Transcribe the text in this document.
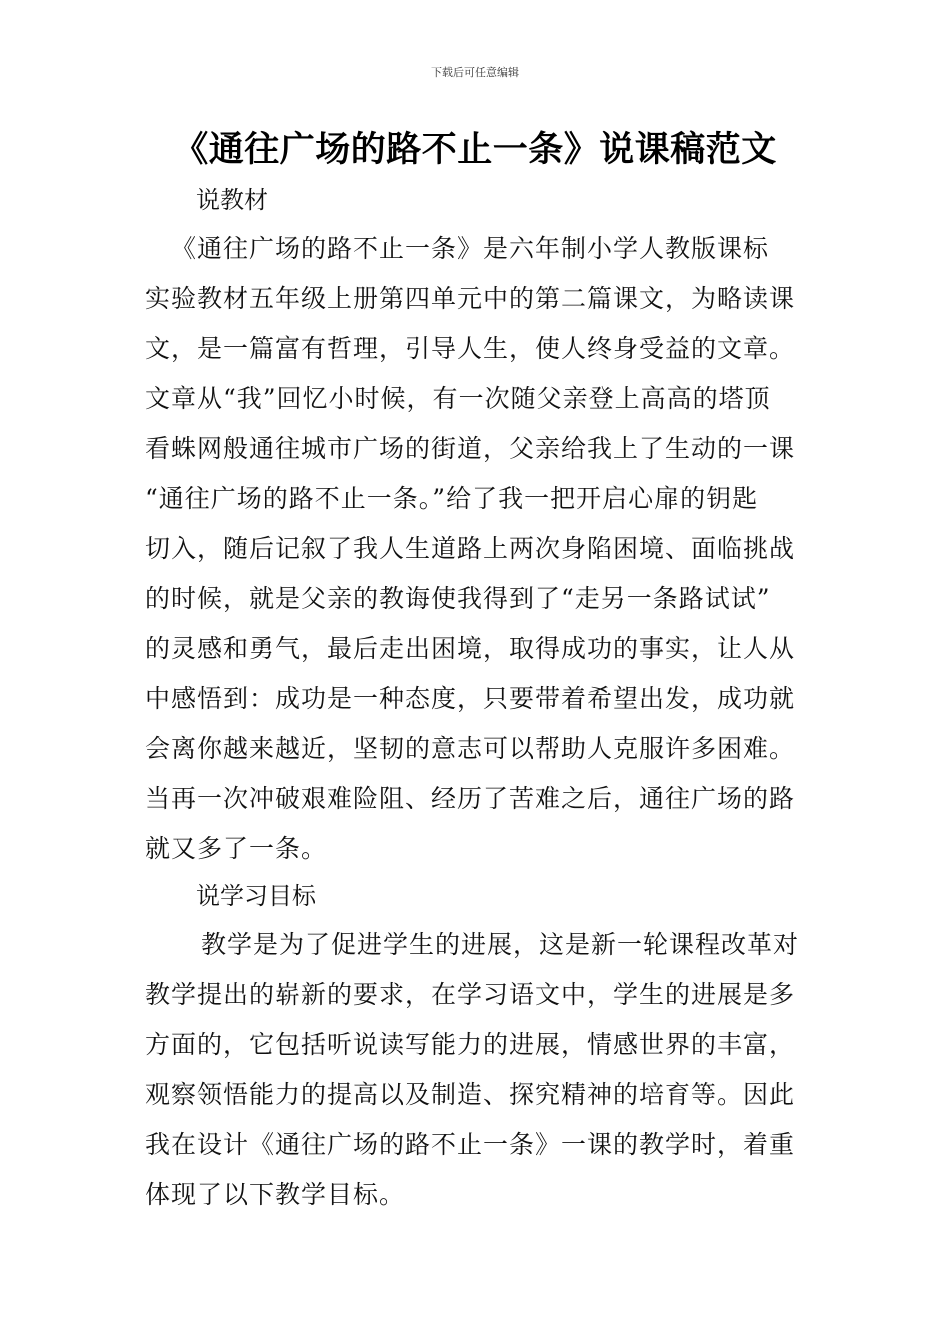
下载后可任意编辑
《通往广场的路不止一条》说课稿范文
说教材
《通往广场的路不止一条》是六年制小学人教版课标
实验教材五年级上册第四单元中的第二篇课文，为略读课
文，是一篇富有哲理，引导人生，使人终身受益的文章。
文章从“我”回忆小时候，有一次随父亲登上高高的塔顶
看蛛网般通往城市广场的街道，父亲给我上了生动的一课
“通往广场的路不止一条。”给了我一把开启心扉的钥匙
切入，随后记叙了我人生道路上两次身陷困境、面临挑战
的时候，就是父亲的教诲使我得到了“走另一条路试试”
的灵感和勇气，最后走出困境，取得成功的事实，让人从
中感悟到：成功是一种态度，只要带着希望出发，成功就
会离你越来越近，坚韧的意志可以帮助人克服许多困难。
当再一次冲破艰难险阻、经历了苦难之后，通往广场的路
就又多了一条。
说学习目标
教学是为了促进学生的进展，这是新一轮课程改革对
教学提出的崭新的要求，在学习语文中，学生的进展是多
方面的，它包括听说读写能力的进展，情感世界的丰富，
观察领悟能力的提高以及制造、探究精神的培育等。因此
我在设计《通往广场的路不止一条》一课的教学时，着重
体现了以下教学目标。
